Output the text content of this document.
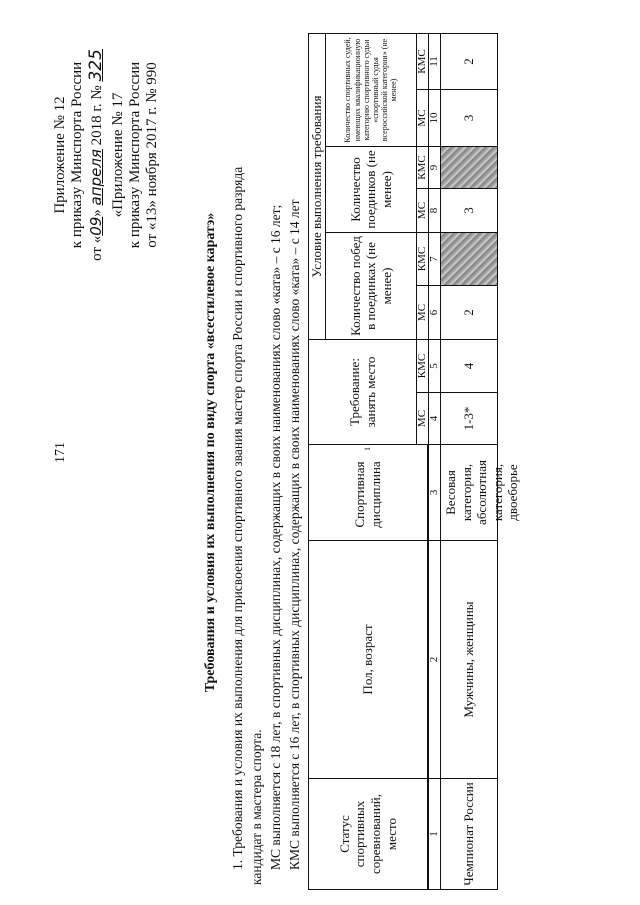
171
Приложение № 12 к приказу Минспорта России
от «09» апреля 2018 г. № 325
«Приложение № 17 к приказу Минспорта России от «13» ноября 2017 г. № 990
Требования и условия их выполнения по виду спорта «всестилевое каратэ» 1. Требования и условия их выполнения для присвоения спортивного звания мастер спорта России и спортивного разряда кандидат в мастера спорта. МС выполняется с 18 лет, в спортивных дисциплинах, содержащих в своих наименованиях слово «ката» – с 16 лет; КМС выполняется с 16 лет, в спортивных дисциплинах, содержащих в своих наименованиях слово «ката» – с 14 лет	Статус спортивных соревнований, место
Пол, возраст
Спортивная дисциплина
1
Требование: занять место	МС
КМС
Условие выполнения требования
Количество побед в поединках (не менее)
Количество поединков (не менее)
Количество спортивных судей, имеющих квалификационную категорию спортивного судьи «спортивный судья всероссийской категории» (не менее)
МС
КМС
МС
КМС
МС
КМС
1
2
3
4
5
6
7
8
9
10
11
Чемпионат России
Мужчины, женщины
Весовая категория, абсолютная категория, двоеборье
1-3*
4
2
3
3
2
